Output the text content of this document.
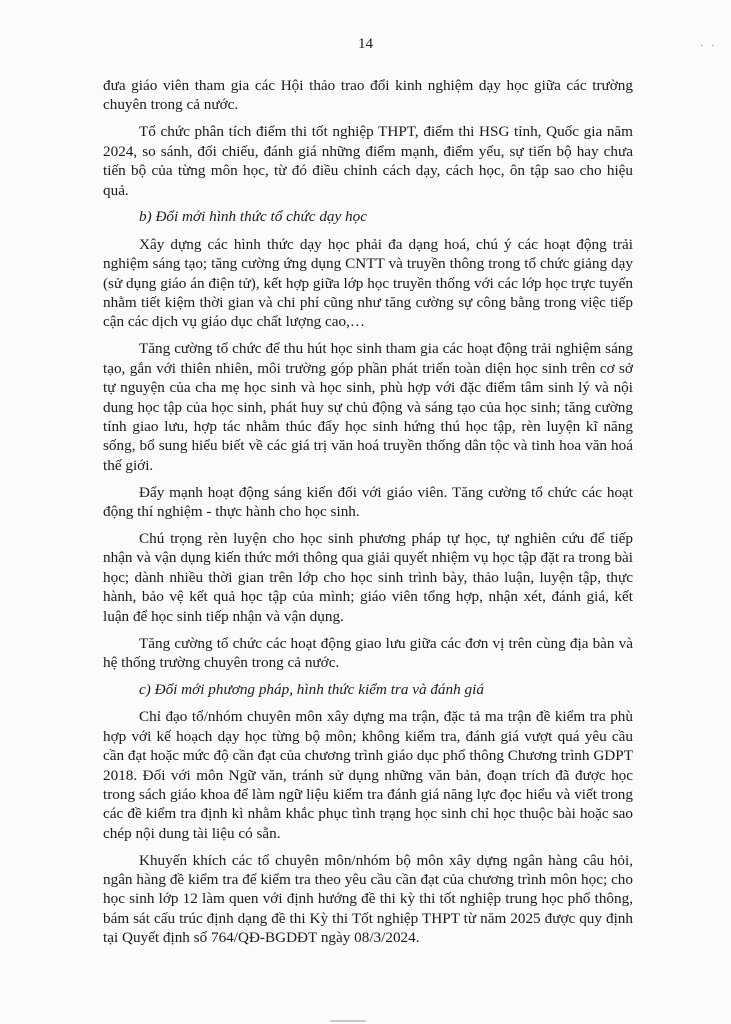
14	. .

đưa giáo viên tham gia các Hội thảo trao đổi kinh nghiệm dạy học giữa các trường chuyên trong cả nước.

Tổ chức phân tích điểm thi tốt nghiệp THPT, điểm thi HSG tỉnh, Quốc gia năm 2024, so sánh, đối chiếu, đánh giá những điểm mạnh, điểm yếu, sự tiến bộ hay chưa tiến bộ của từng môn học, từ đó điều chỉnh cách dạy, cách học, ôn tập sao cho hiệu quả.

b) Đổi mới hình thức tổ chức dạy học

Xây dựng các hình thức dạy học phải đa dạng hoá, chú ý các hoạt động trải nghiệm sáng tạo; tăng cường ứng dụng CNTT và truyền thông trong tổ chức giảng dạy (sử dụng giáo án điện tử), kết hợp giữa lớp học truyền thống với các lớp học trực tuyến nhằm tiết kiệm thời gian và chi phí cũng như tăng cường sự công bằng trong việc tiếp cận các dịch vụ giáo dục chất lượng cao,…

Tăng cường tổ chức để thu hút học sinh tham gia các hoạt động trải nghiệm sáng tạo, gắn với thiên nhiên, môi trường góp phần phát triển toàn diện học sinh trên cơ sở tự nguyện của cha mẹ học sinh và học sinh, phù hợp với đặc điểm tâm sinh lý và nội dung học tập của học sinh, phát huy sự chủ động và sáng tạo của học sinh; tăng cường tính giao lưu, hợp tác nhằm thúc đẩy học sinh hứng thú học tập, rèn luyện kĩ năng sống, bổ sung hiểu biết về các giá trị văn hoá truyền thống dân tộc và tinh hoa văn hoá thế giới.

Đẩy mạnh hoạt động sáng kiến đối với giáo viên. Tăng cường tổ chức các hoạt động thí nghiệm - thực hành cho học sinh.

Chú trọng rèn luyện cho học sinh phương pháp tự học, tự nghiên cứu để tiếp nhận và vận dụng kiến thức mới thông qua giải quyết nhiệm vụ học tập đặt ra trong bài học; dành nhiều thời gian trên lớp cho học sinh trình bày, thảo luận, luyện tập, thực hành, bảo vệ kết quả học tập của mình; giáo viên tổng hợp, nhận xét, đánh giá, kết luận để học sinh tiếp nhận và vận dụng.

Tăng cường tổ chức các hoạt động giao lưu giữa các đơn vị trên cùng địa bàn và hệ thống trường chuyên trong cả nước.

c) Đổi mới phương pháp, hình thức kiểm tra và đánh giá

Chỉ đạo tổ/nhóm chuyên môn xây dựng ma trận, đặc tả ma trận đề kiểm tra phù hợp với kế hoạch dạy học từng bộ môn; không kiểm tra, đánh giá vượt quá yêu cầu cần đạt hoặc mức độ cần đạt của chương trình giáo dục phổ thông Chương trình GDPT 2018. Đối với môn Ngữ văn, tránh sử dụng những văn bản, đoạn trích đã được học trong sách giáo khoa để làm ngữ liệu kiểm tra đánh giá năng lực đọc hiểu và viết trong các đề kiểm tra định kì nhằm khắc phục tình trạng học sinh chỉ học thuộc bài hoặc sao chép nội dung tài liệu có sẵn.

Khuyến khích các tổ chuyên môn/nhóm bộ môn xây dựng ngân hàng câu hỏi, ngân hàng đề kiểm tra để kiểm tra theo yêu cầu cần đạt của chương trình môn học; cho học sinh lớp 12 làm quen với định hướng đề thi kỳ thi tốt nghiệp trung học phổ thông, bám sát cấu trúc định dạng đề thi Kỳ thi Tốt nghiệp THPT từ năm 2025 được quy định tại Quyết định số 764/QĐ-BGDĐT ngày 08/3/2024.
